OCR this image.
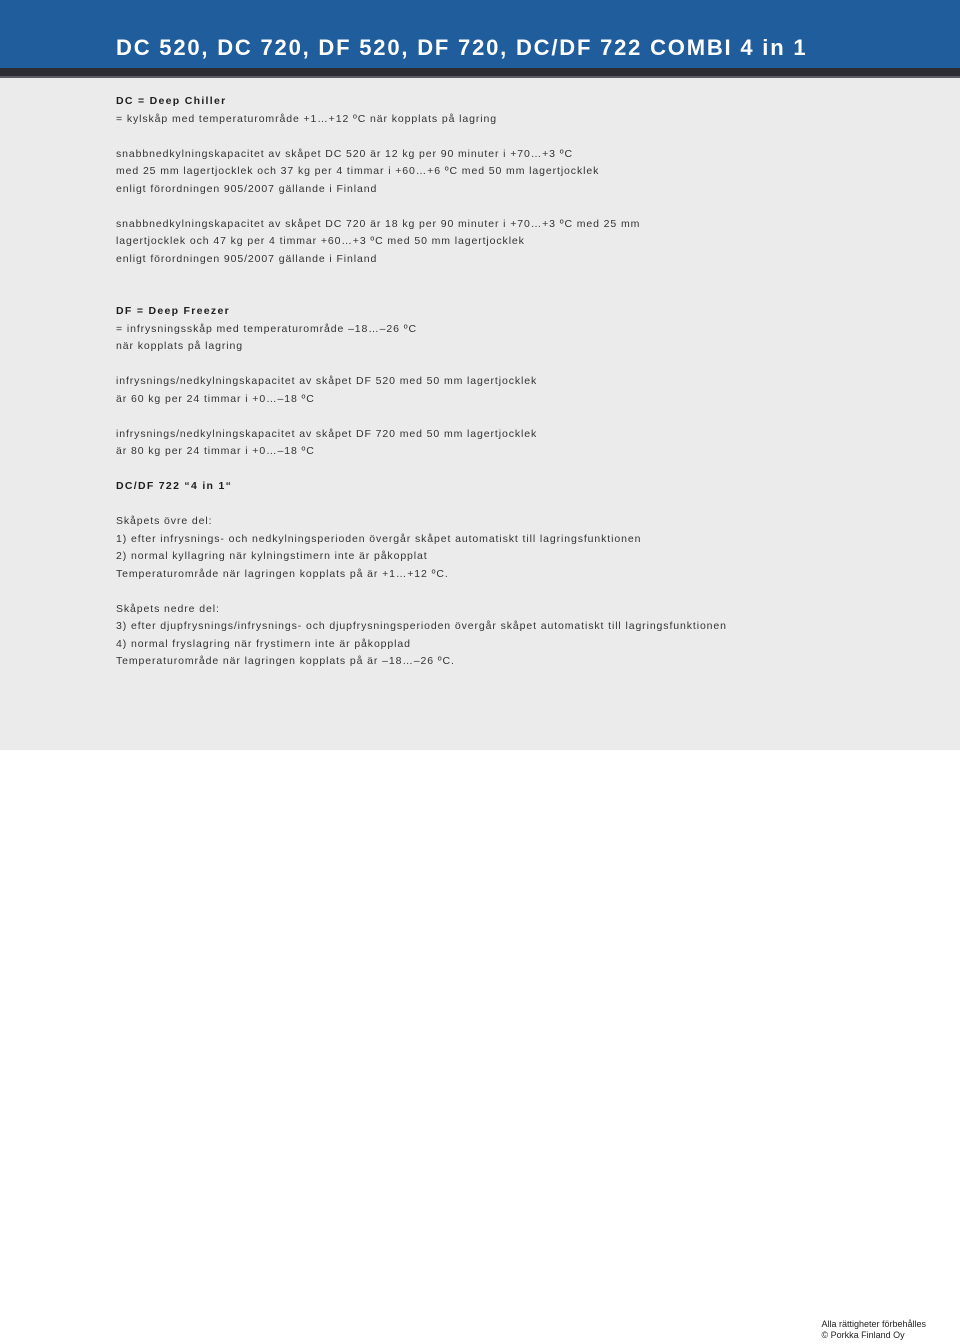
DC 520, DC 720, DF 520, DF 720, DC/DF 722 COMBI 4 in 1

DC = Deep Chiller

= kylskåp med temperaturområde +1…+12 ºC när kopplats på lagring

snabbnedkylningskapacitet av skåpet DC 520 är 12 kg per 90 minuter i +70…+3 ºC

med 25 mm lagertjocklek och 37 kg per 4 timmar i +60…+6 ºC med 50 mm lagertjocklek

enligt förordningen 905/2007 gällande i Finland

snabbnedkylningskapacitet av skåpet DC 720 är 18 kg per 90 minuter i +70…+3 ºC med 25 mm

lagertjocklek och 47 kg per 4 timmar +60…+3 ºC med 50 mm lagertjocklek

enligt förordningen 905/2007 gällande i Finland

DF = Deep Freezer

= infrysningsskåp med temperaturområde –18…–26 ºC

när kopplats på lagring

infrysnings/nedkylningskapacitet av skåpet DF 520 med 50 mm lagertjocklek

är 60 kg per 24 timmar i +0…–18 ºC

infrysnings/nedkylningskapacitet av skåpet DF 720 med 50 mm lagertjocklek

är 80 kg per 24 timmar i +0…–18 ºC

DC/DF 722 “4 in 1“

Skåpets övre del:

1) efter infrysnings- och nedkylningsperioden övergår skåpet automatiskt till lagringsfunktionen

2) normal kyllagring när kylningstimern inte är påkopplat

Temperaturområde när lagringen kopplats på är +1…+12 ºC.

Skåpets nedre del:

3) efter djupfrysnings/infrysnings- och djupfrysningsperioden övergår skåpet automatiskt till lagringsfunktionen

4) normal fryslagring när frystimern inte är påkopplad

Temperaturområde när lagringen kopplats på är –18…–26 ºC.

Alla rättigheter förbehålles
© Porkka Finland Oy
